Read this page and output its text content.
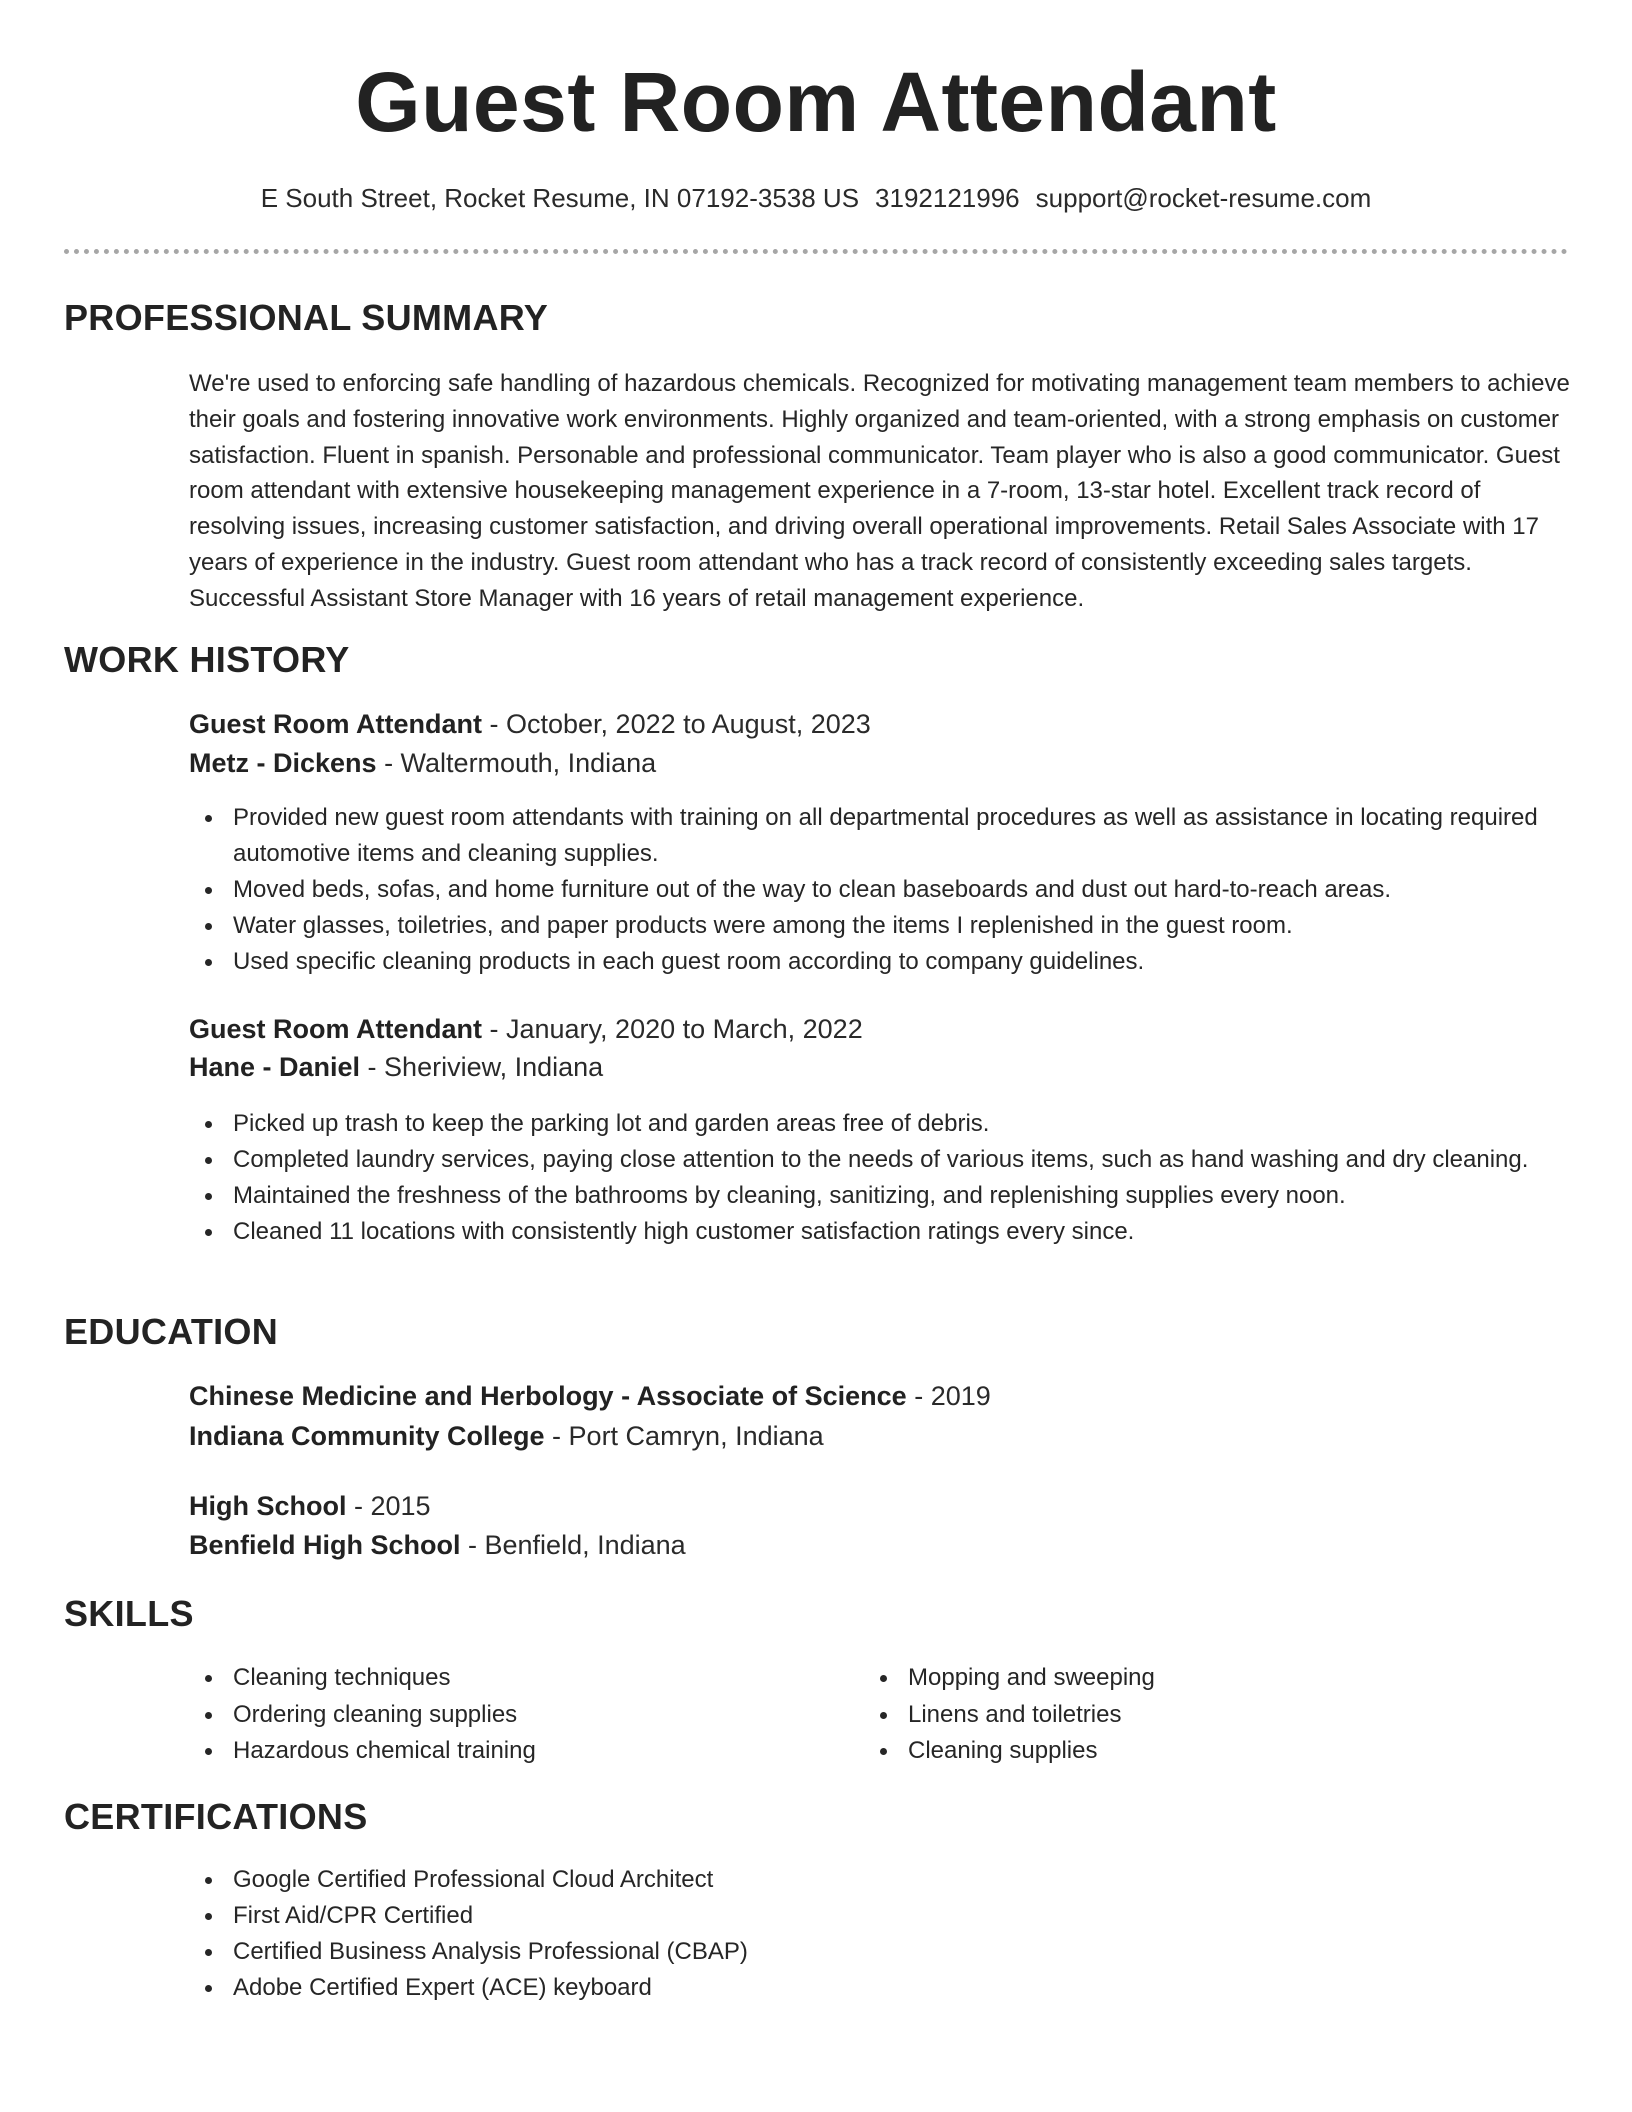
Guest Room Attendant
E South Street, Rocket Resume, IN 07192-3538 US 3192121996 support@rocket-resume.com
PROFESSIONAL SUMMARY

We're used to enforcing safe handling of hazardous chemicals. Recognized for motivating management team members to achieve their goals and fostering innovative work environments. Highly organized and team-oriented, with a strong emphasis on customer satisfaction. Fluent in spanish. Personable and professional communicator. Team player who is also a good communicator. Guest room attendant with extensive housekeeping management experience in a 7-room, 13-star hotel. Excellent track record of resolving issues, increasing customer satisfaction, and driving overall operational improvements. Retail Sales Associate with 17 years of experience in the industry. Guest room attendant who has a track record of consistently exceeding sales targets. Successful Assistant Store Manager with 16 years of retail management experience.

WORK HISTORY
Guest Room Attendant - October, 2022 to August, 2023
Metz - Dickens - Waltermouth, Indiana
Provided new guest room attendants with training on all departmental procedures as well as assistance in locating required automotive items and cleaning supplies.
Moved beds, sofas, and home furniture out of the way to clean baseboards and dust out hard-to-reach areas.
Water glasses, toiletries, and paper products were among the items I replenished in the guest room.
Used specific cleaning products in each guest room according to company guidelines.
Guest Room Attendant - January, 2020 to March, 2022
Hane - Daniel - Sheriview, Indiana
Picked up trash to keep the parking lot and garden areas free of debris.
Completed laundry services, paying close attention to the needs of various items, such as hand washing and dry cleaning.
Maintained the freshness of the bathrooms by cleaning, sanitizing, and replenishing supplies every noon.
Cleaned 11 locations with consistently high customer satisfaction ratings every since.
EDUCATION
Chinese Medicine and Herbology - Associate of Science - 2019
Indiana Community College - Port Camryn, Indiana
High School - 2015
Benfield High School - Benfield, Indiana
SKILLS
Cleaning techniques
Ordering cleaning supplies
Hazardous chemical training
Mopping and sweeping
Linens and toiletries
Cleaning supplies
CERTIFICATIONS
Google Certified Professional Cloud Architect
First Aid/CPR Certified
Certified Business Analysis Professional (CBAP)
Adobe Certified Expert (ACE) keyboard
